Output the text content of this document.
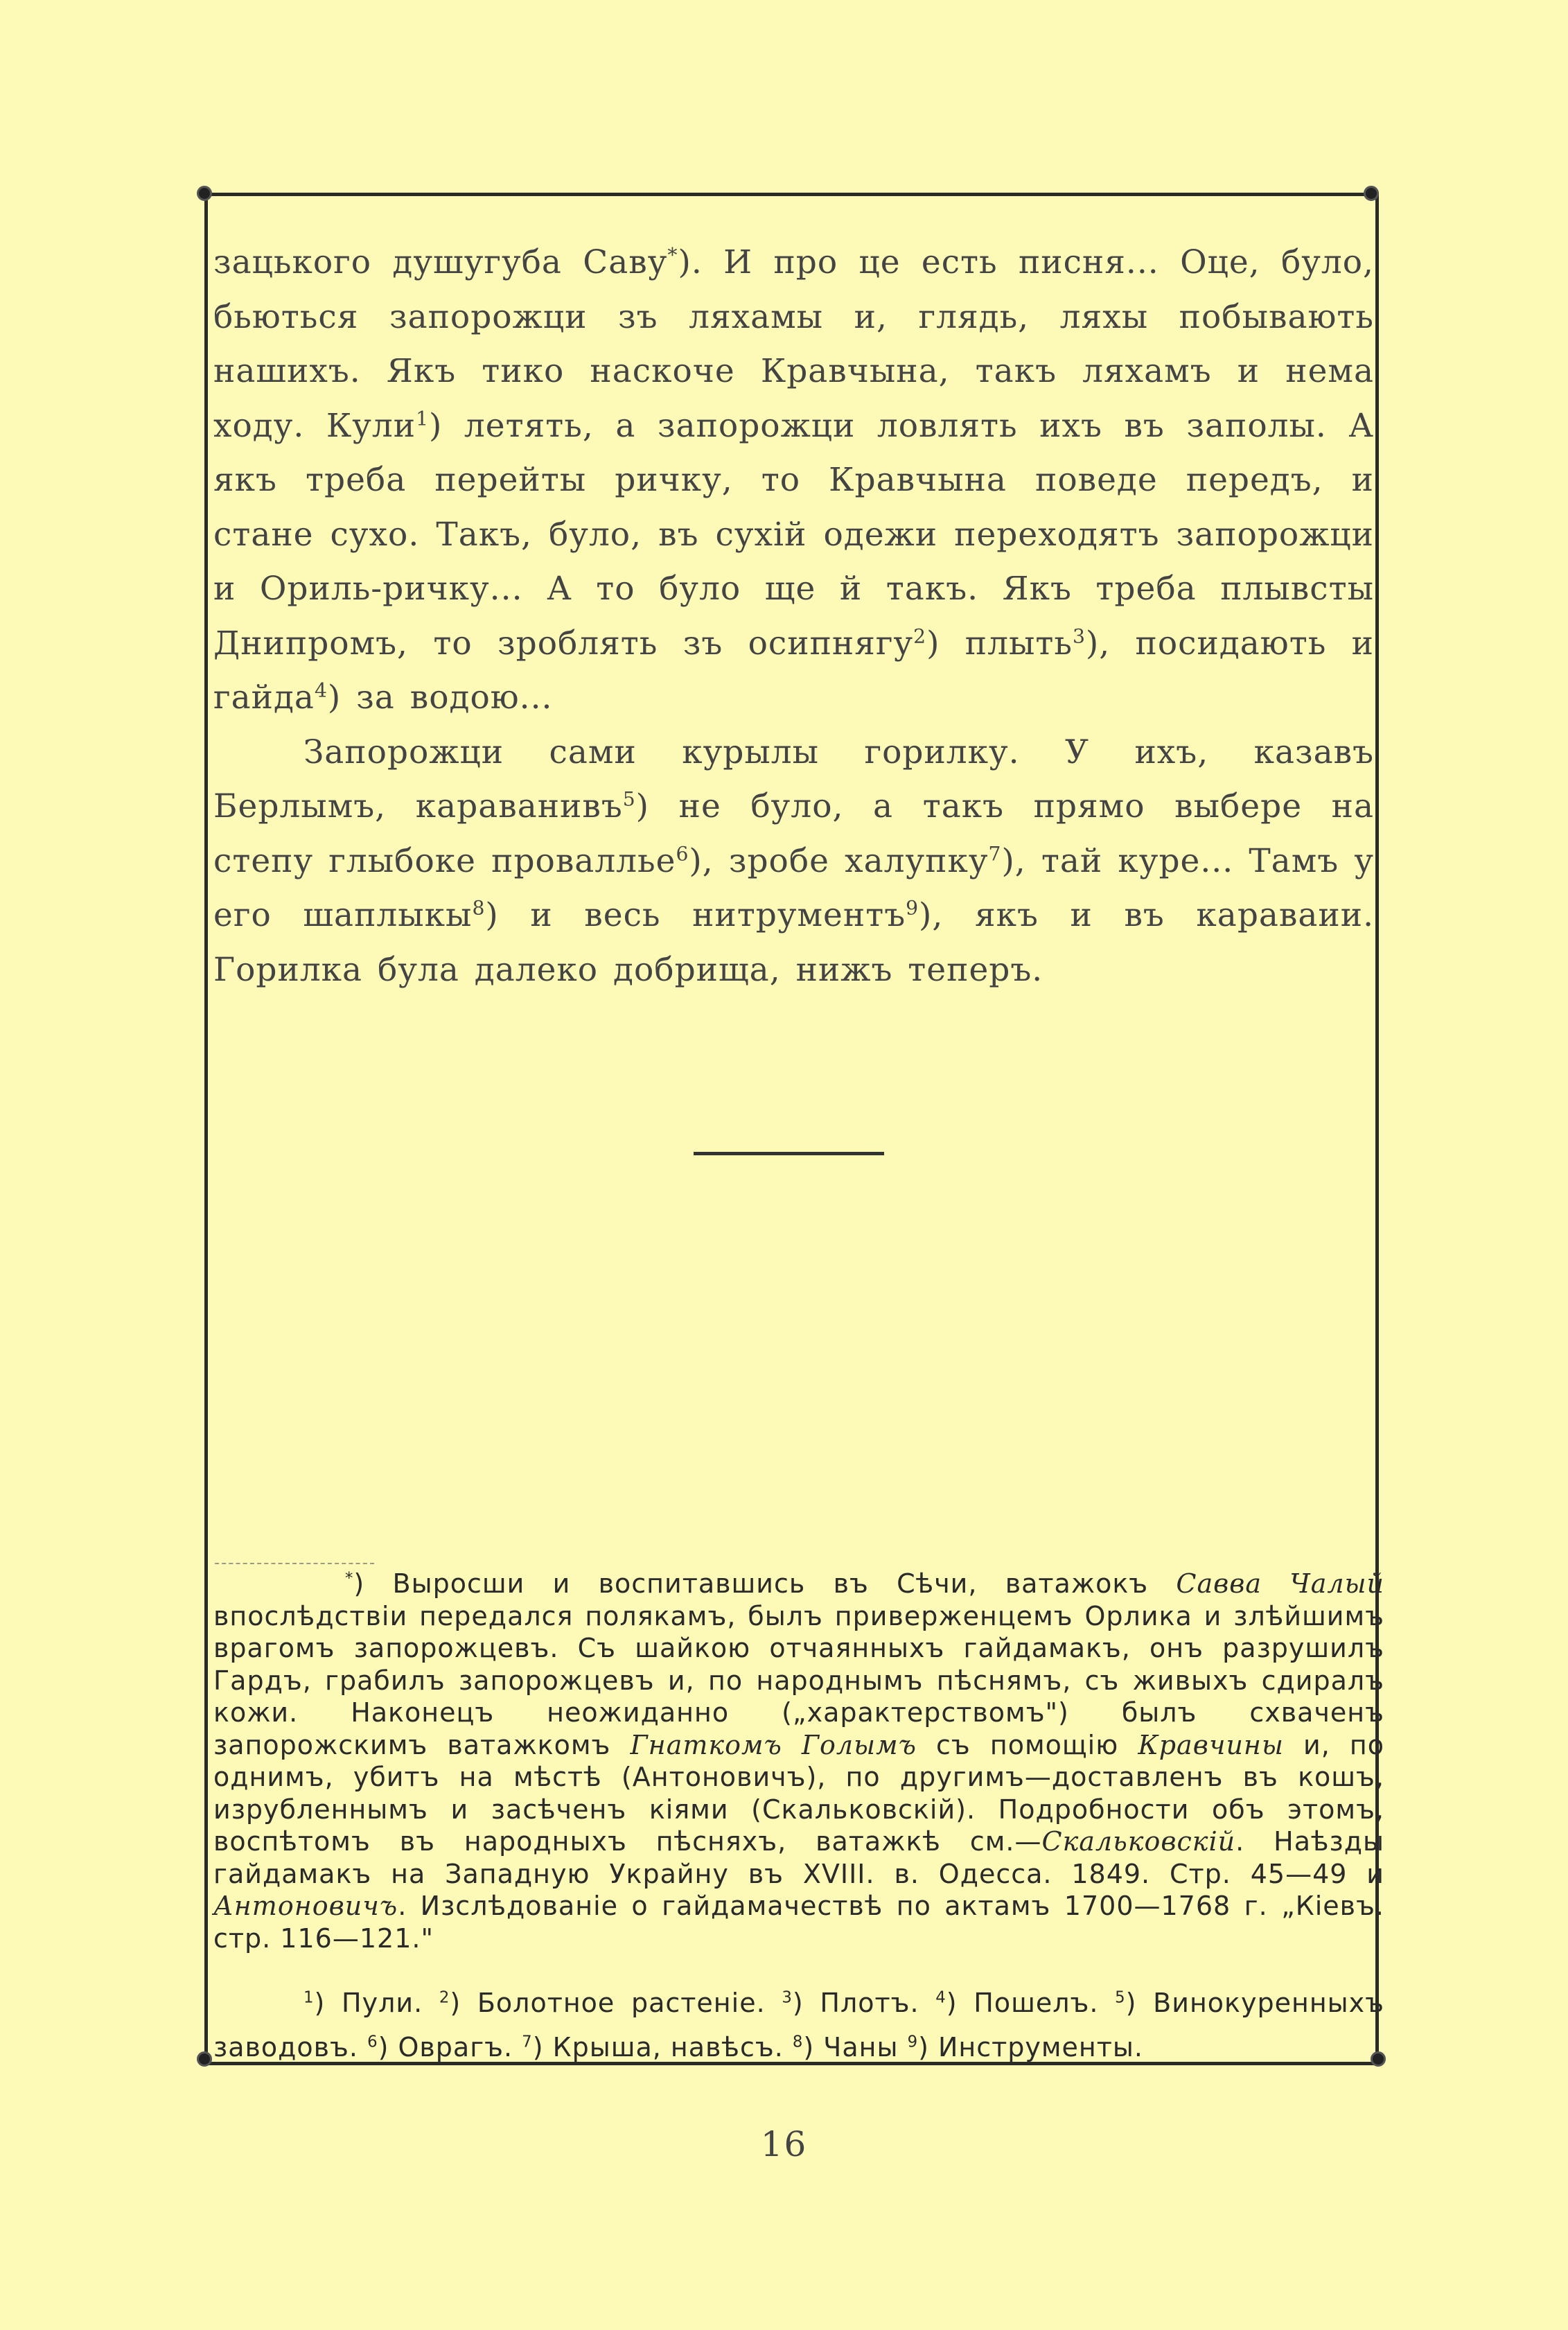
зацького душугуба Саву*). И про це есть писня... Оце, було, бьються запорожци зъ ляхамы и, глядь, ляхы побывають нашихъ. Якъ тико наскоче Кравчына, такъ ляхамъ и нема ходу. Кули$^1$) летять, а запорожци ловлять ихъ въ заполы. А якъ треба перейты ричку, то Кравчына поведе передъ, и стане сухо. Такъ, було, въ сухій одежи переходятъ запорожци и Ориль-ричку... А то було ще й такъ. Якъ треба плывсты Днипромъ, то зроблять зъ осипнягу$^2$) плыть$^3$), посидають и гайда$^4$) за водою...

Запорожци сами курылы горилку. У ихъ, казавъ Берлымъ, караванивъ$^5$) не було, а такъ прямо выбере на степу глыбоке проваллье$^6$), зробе халупку$^7$), тай куре... Тамъ у его шаплыкы$^8$) и весь нитрументъ$^9$), якъ и въ караваии. Горилка була далеко добрища, нижъ теперъ.

*) Выросши и воспитавшись въ Сѣчи, ватажокъ Савва Чалый впослѣдствіи передался полякамъ, былъ приверженцемъ Орлика и злѣйшимъ врагомъ запорожцевъ. Съ шайкою отчаянныхъ гайдамакъ, онъ разрушилъ Гардъ, грабилъ запорожцевъ и, по народнымъ пѣснямъ, съ живыхъ сдиралъ кожи. Наконецъ неожиданно („характерствомъ") былъ схваченъ запорожскимъ ватажкомъ Гнаткомъ Голымъ съ помощію Кравчины и, по однимъ, убитъ на мѣстѣ (Антоновичъ), по другимъ—доставленъ въ кошъ, изрубленнымъ и засѣченъ кіями (Скальковскій). Подробности объ этомъ, воспѣтомъ въ народныхъ пѣсняхъ, ватажкѣ см.—Скальковскій. Наѣзды гайдамакъ на Западную Украйну въ XVIII. в. Одесса. 1849. Стр. 45—49 и Антоновичъ. Изслѣдованіе о гайдамачествѣ по актамъ 1700—1768 г. „Кіевъ. стр. 116—121."

$^1$) Пули. $^2$) Болотное растеніе. $^3$) Плотъ. $^4$) Пошелъ. $^5$) Винокуренныхъ заводовъ. $^6$) Оврагъ. $^7$) Крыша, навѣсъ. $^8$) Чаны $^9$) Инструменты.

16
